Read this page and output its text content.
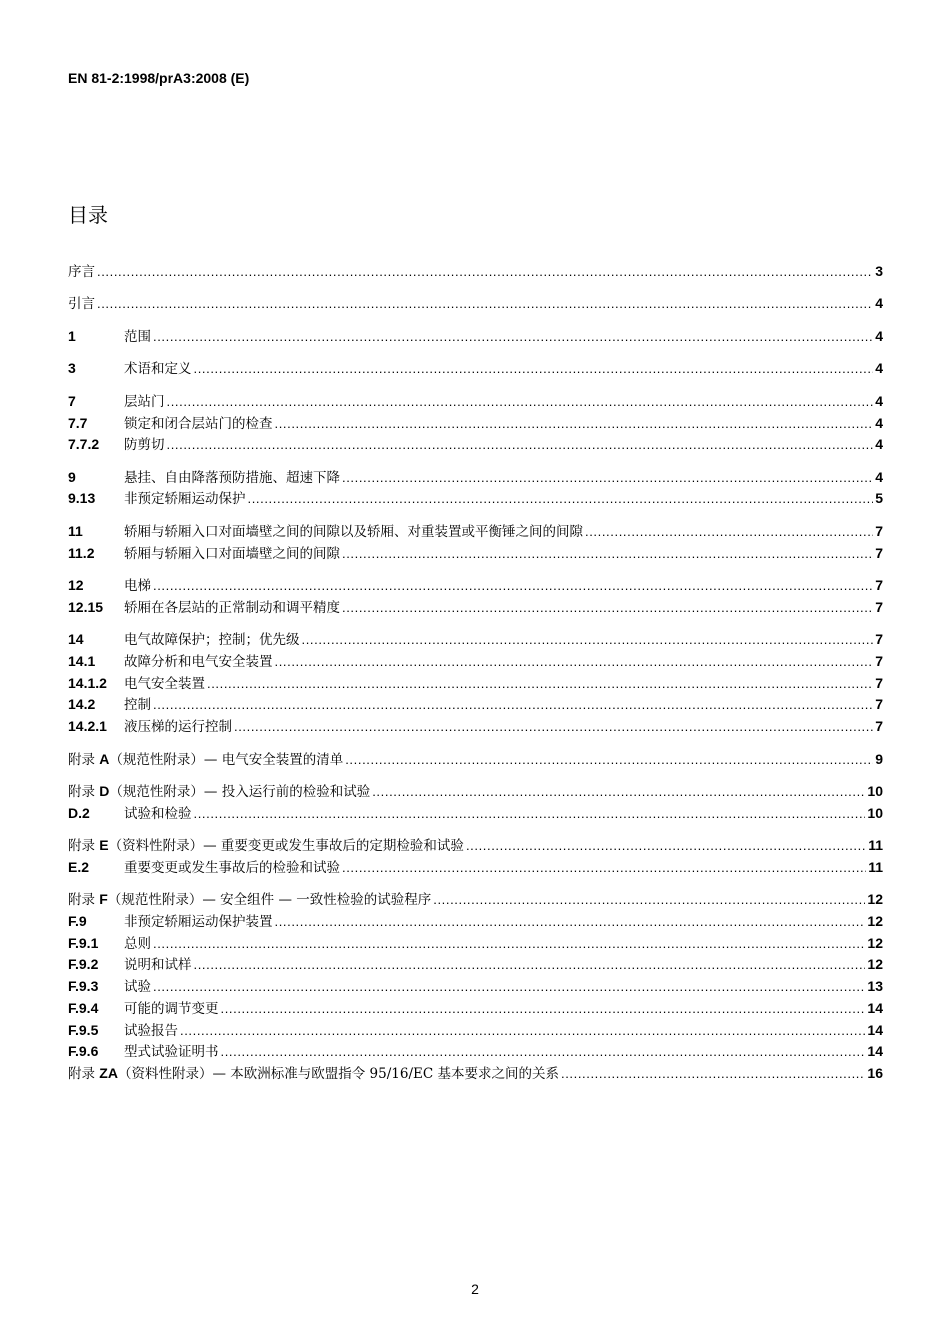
EN 81-2:1998/prA3:2008 (E)
目录
序言 .....	3
引言 .....	4
1	范围 .....	4
3	术语和定义 .....	4
7	层站门 .....	4
7.7	锁定和闭合层站门的检查 .....	4
7.7.2	防剪切 .....	4
9	悬挂、自由降落预防措施、超速下降 .....	4
9.13	非预定轿厢运动保护 .....	5
11	轿厢与轿厢入口对面墙壁之间的间隙以及轿厢、对重装置或平衡锤之间的间隙 .....	7
11.2	轿厢与轿厢入口对面墙壁之间的间隙 .....	7
12	电梯 .....	7
12.15	轿厢在各层站的正常制动和调平精度 .....	7
14	电气故障保护；控制；优先级 .....	7
14.1	故障分析和电气安全装置 .....	7
14.1.2	电气安全装置 .....	7
14.2	控制 .....	7
14.2.1	液压梯的运行控制 .....	7
附录 A（规范性附录）— 电气安全装置的清单 .....	9
附录 D（规范性附录）— 投入运行前的检验和试验 .....	10
D.2	试验和检验 .....	10
附录 E（资料性附录）— 重要变更或发生事故后的定期检验和试验 .....	11
E.2	重要变更或发生事故后的检验和试验 .....	11
附录 F（规范性附录）— 安全组件 — 一致性检验的试验程序 .....	12
F.9	非预定轿厢运动保护装置 .....	12
F.9.1	总则 .....	12
F.9.2	说明和试样 .....	12
F.9.3	试验 .....	13
F.9.4	可能的调节变更 .....	14
F.9.5	试验报告 .....	14
F.9.6	型式试验证明书 .....	14
附录 ZA（资料性附录）— 本欧洲标准与欧盟指令 95/16/EC 基本要求之间的关系 .....	16
2
